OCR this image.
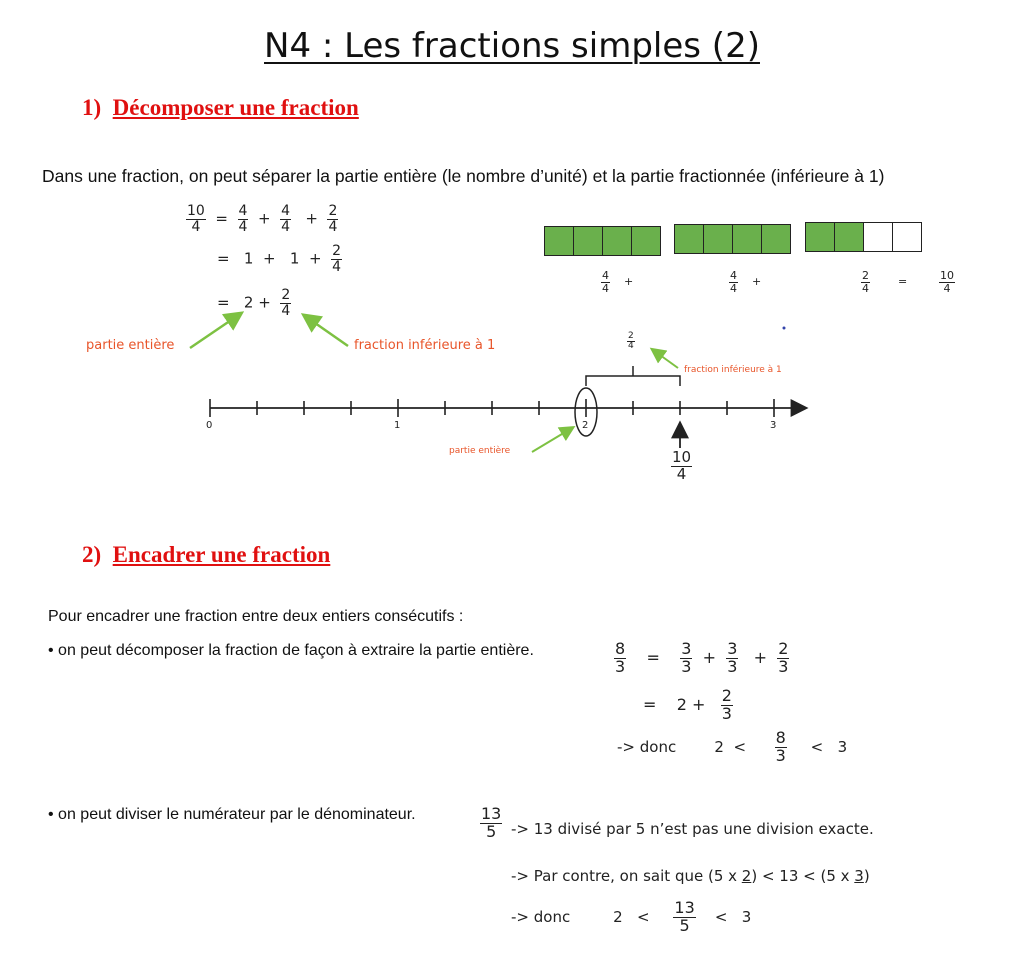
N4 : Les fractions simples (2)
1) Décomposer une fraction
Dans une fraction, on peut séparer la partie entière (le nombre d’unité) et la partie fractionnée (inférieure à 1)
$\frac{10}{4} = \frac{4}{4} + \frac{4}{4} + \frac{2}{4}$
= $1 + 1 + \frac{2}{4}$
= $2 + \frac{2}{4}$
partie entière	fraction inférieure à 1
$\frac{4}{4}$ +	$\frac{4}{4}$ +	$\frac{2}{4}$	=	$\frac{10}{4}$
0	1	2	3
$\frac{2}{4}$
fraction inférieure à 1
partie entière	$\frac{10}{4}$
2) Encadrer une fraction
Pour encadrer une fraction entre deux entiers consécutifs :
• on peut décomposer la fraction de façon à extraire la partie entière.	$\frac{8}{3} = \frac{3}{3} + \frac{3}{3} + \frac{2}{3}$
= $2 + \frac{2}{3}$
-> donc	$2 < \frac{8}{3} < 3$
• on peut diviser le numérateur par le dénominateur.	$\frac{13}{5} -> 13$ divisé par 5 n’est pas une division exacte.
-> Par contre, on sait que (5 x 2) < 13 < (5 x 3)
-> donc	$2 < \frac{13}{5} < 3$
